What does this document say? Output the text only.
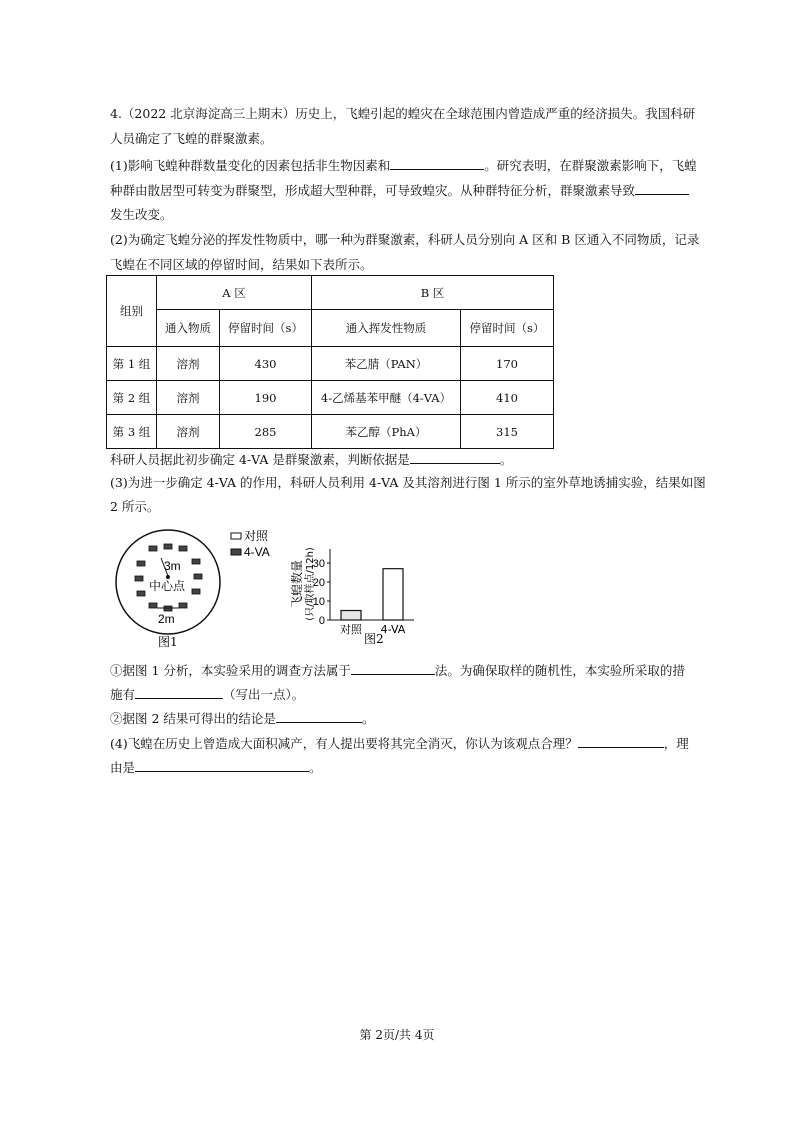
4.（2022 北京海淀高三上期末）历史上，飞蝗引起的蝗灾在全球范围内曾造成严重的经济损失。我国科研
人员确定了飞蝗的群聚激素。
(1)影响飞蝗种群数量变化的因素包括非生物因素和	。研究表明，在群聚激素影响下，飞蝗
种群由散居型可转变为群聚型，形成超大型种群，可导致蝗灾。从种群特征分析，群聚激素导致
发生改变。
(2)为确定飞蝗分泌的挥发性物质中，哪一种为群聚激素，科研人员分别向 A 区和 B 区通入不同物质，记录
飞蝗在不同区域的停留时间，结果如下表所示。
组别	A 区		B 区	
	通入物质	停留时间（s）	通入挥发性物质	停留时间（s）
第 1 组	溶剂	430	苯乙腈（PAN）	170
第 2 组	溶剂	190	4-乙烯基苯甲醚（4-VA）	410
第 3 组	溶剂	285	苯乙醇（PhA）	315
科研人员据此初步确定 4-VA 是群聚激素，判断依据是	。
(3)为进一步确定 4-VA 的作用，科研人员利用 4-VA 及其溶剂进行图 1 所示的室外草地诱捕实验，结果如图
2 所示。
3m
中心点
2m
图1
对照
4-VA
飞蝗数量 (只/取样点/12h)
0
10
20
30
对照 4-VA
图2
①据图 1 分析，本实验采用的调查方法属于	法。为确保取样的随机性，本实验所采取的措
施有	（写出一点）。
②据图 2 结果可得出的结论是	。
(4)飞蝗在历史上曾造成大面积减产，有人提出要将其完全消灭，你认为该观点合理？	，理
由是	。
第 2页/共 4页
